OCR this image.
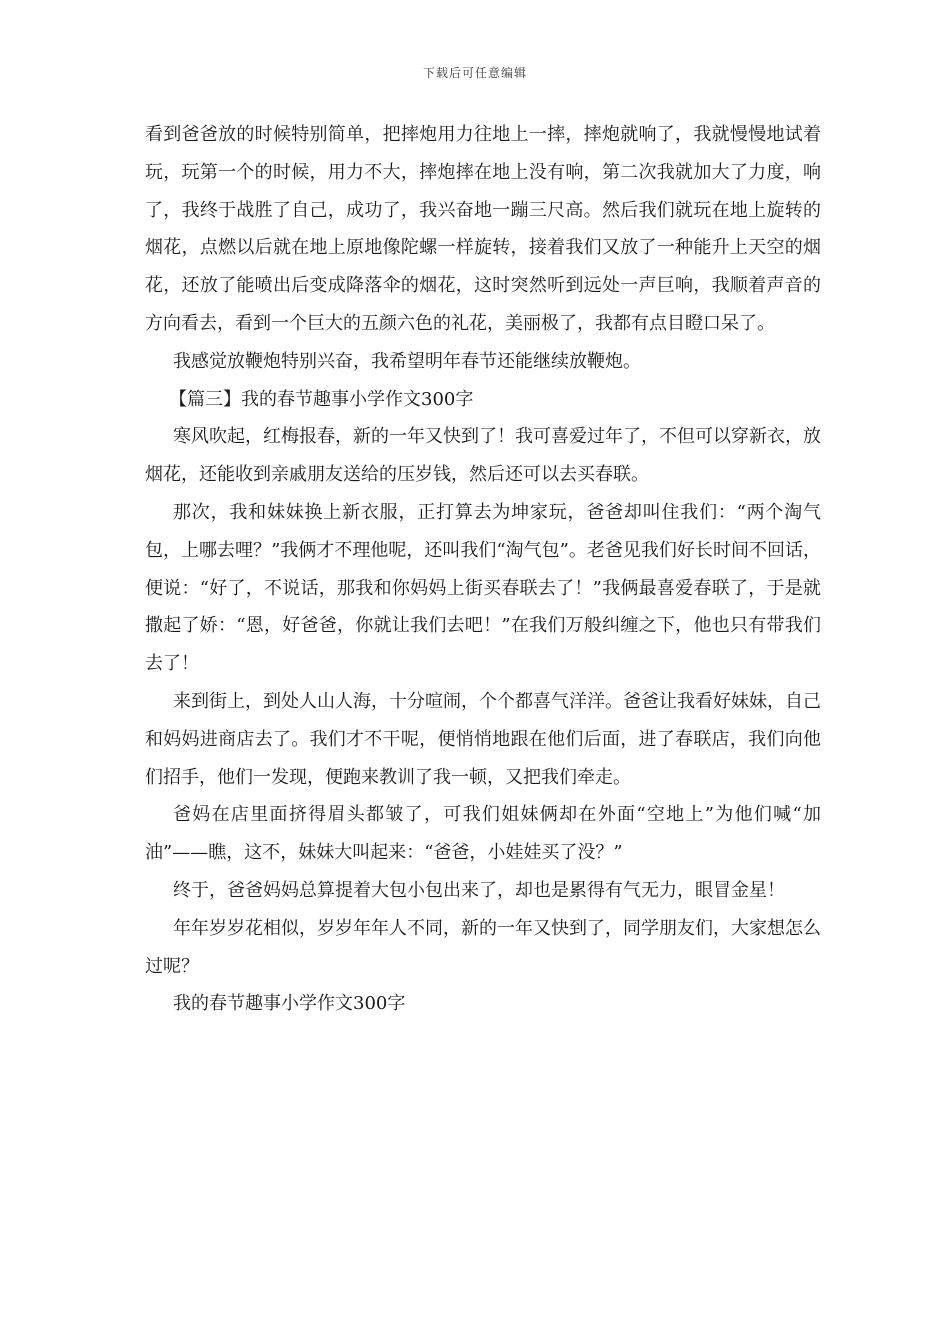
下载后可任意编辑

看到爸爸放的时候特别简单，把摔炮用力往地上一摔，摔炮就响了，我就慢慢地试着玩，玩第一个的时候，用力不大，摔炮摔在地上没有响，第二次我就加大了力度，响了，我终于战胜了自己，成功了，我兴奋地一蹦三尺高。然后我们就玩在地上旋转的烟花，点燃以后就在地上原地像陀螺一样旋转，接着我们又放了一种能升上天空的烟花，还放了能喷出后变成降落伞的烟花，这时突然听到远处一声巨响，我顺着声音的方向看去，看到一个巨大的五颜六色的礼花，美丽极了，我都有点目瞪口呆了。

我感觉放鞭炮特别兴奋，我希望明年春节还能继续放鞭炮。

【篇三】我的春节趣事小学作文300字

寒风吹起，红梅报春，新的一年又快到了！我可喜爱过年了，不但可以穿新衣，放烟花，还能收到亲戚朋友送给的压岁钱，然后还可以去买春联。

那次，我和妹妹换上新衣服，正打算去为坤家玩，爸爸却叫住我们：“两个淘气包，上哪去哩？”我俩才不理他呢，还叫我们“淘气包”。老爸见我们好长时间不回话，便说：“好了，不说话，那我和你妈妈上街买春联去了！”我俩最喜爱春联了，于是就撒起了娇：“恩，好爸爸，你就让我们去吧！”在我们万般纠缠之下，他也只有带我们去了！

来到街上，到处人山人海，十分喧闹，个个都喜气洋洋。爸爸让我看好妹妹，自己和妈妈进商店去了。我们才不干呢，便悄悄地跟在他们后面，进了春联店，我们向他们招手，他们一发现，便跑来教训了我一顿，又把我们牵走。

爸妈在店里面挤得眉头都皱了，可我们姐妹俩却在外面“空地上”为他们喊“加油”——瞧，这不，妹妹大叫起来：“爸爸，小娃娃买了没？”

终于，爸爸妈妈总算提着大包小包出来了，却也是累得有气无力，眼冒金星！

年年岁岁花相似，岁岁年年人不同，新的一年又快到了，同学朋友们，大家想怎么过呢？

我的春节趣事小学作文300字
